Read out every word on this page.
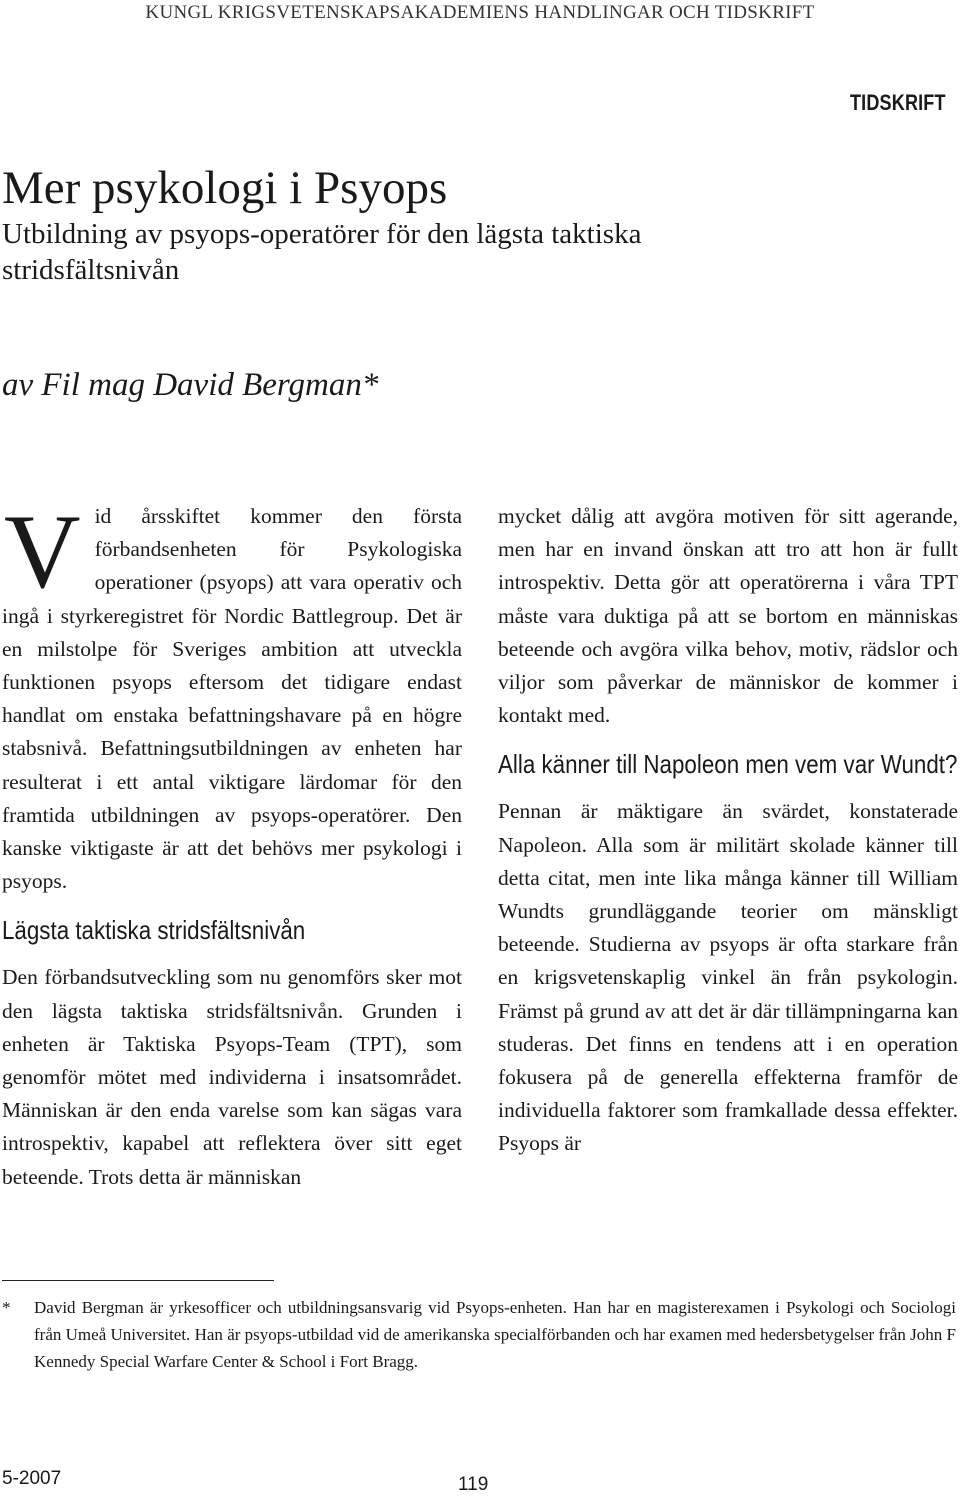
KUNGL KRIGSVETENSKAPSAKADEMIENS HANDLINGAR OCH TIDSKRIFT
TIDSKRIFT
Mer psykologi i Psyops
Utbildning av psyops-operatörer för den lägsta taktiska stridsfältsnivån
av Fil mag David Bergman*

Vid årsskiftet kommer den första förbandsenheten för Psykologiska operationer (psyops) att vara operativ och ingå i styrkeregistret för Nordic Battlegroup. Det är en milstolpe för Sveriges ambition att utveckla funktionen psyops eftersom det tidigare endast handlat om enstaka befattningshavare på en högre stabsnivå. Befattningsutbildningen av enheten har resulterat i ett antal viktigare lärdomar för den framtida utbildningen av psyops-operatörer. Den kanske viktigaste är att det behövs mer psykologi i psyops.

Lägsta taktiska stridsfältsnivån

Den förbandsutveckling som nu genomförs sker mot den lägsta taktiska stridsfältsnivån. Grunden i enheten är Taktiska Psyops-Team (TPT), som genomför mötet med individerna i insatsområdet. Människan är den enda varelse som kan sägas vara introspektiv, kapabel att reflektera över sitt eget beteende. Trots detta är människan

mycket dålig att avgöra motiven för sitt agerande, men har en invand önskan att tro att hon är fullt introspektiv. Detta gör att operatörerna i våra TPT måste vara duktiga på att se bortom en människas beteende och avgöra vilka behov, motiv, rädslor och viljor som påverkar de människor de kommer i kontakt med.

Alla känner till Napoleon men vem var Wundt?

Pennan är mäktigare än svärdet, konstaterade Napoleon. Alla som är militärt skolade känner till detta citat, men inte lika många känner till William Wundts grundläggande teorier om mänskligt beteende. Studierna av psyops är ofta starkare från en krigsvetenskaplig vinkel än från psykologin. Främst på grund av att det är där tillämpningarna kan studeras. Det finns en tendens att i en operation fokusera på de generella effekterna framför de individuella faktorer som framkallade dessa effekter. Psyops är

* David Bergman är yrkesofficer och utbildningsansvarig vid Psyops-enheten. Han har en magisterexamen i Psykologi och Sociologi från Umeå Universitet. Han är psyops-utbildad vid de amerikanska specialförbanden och har examen med hedersbetygelser från John F Kennedy Special Warfare Center & School i Fort Bragg.
5-2007	119
